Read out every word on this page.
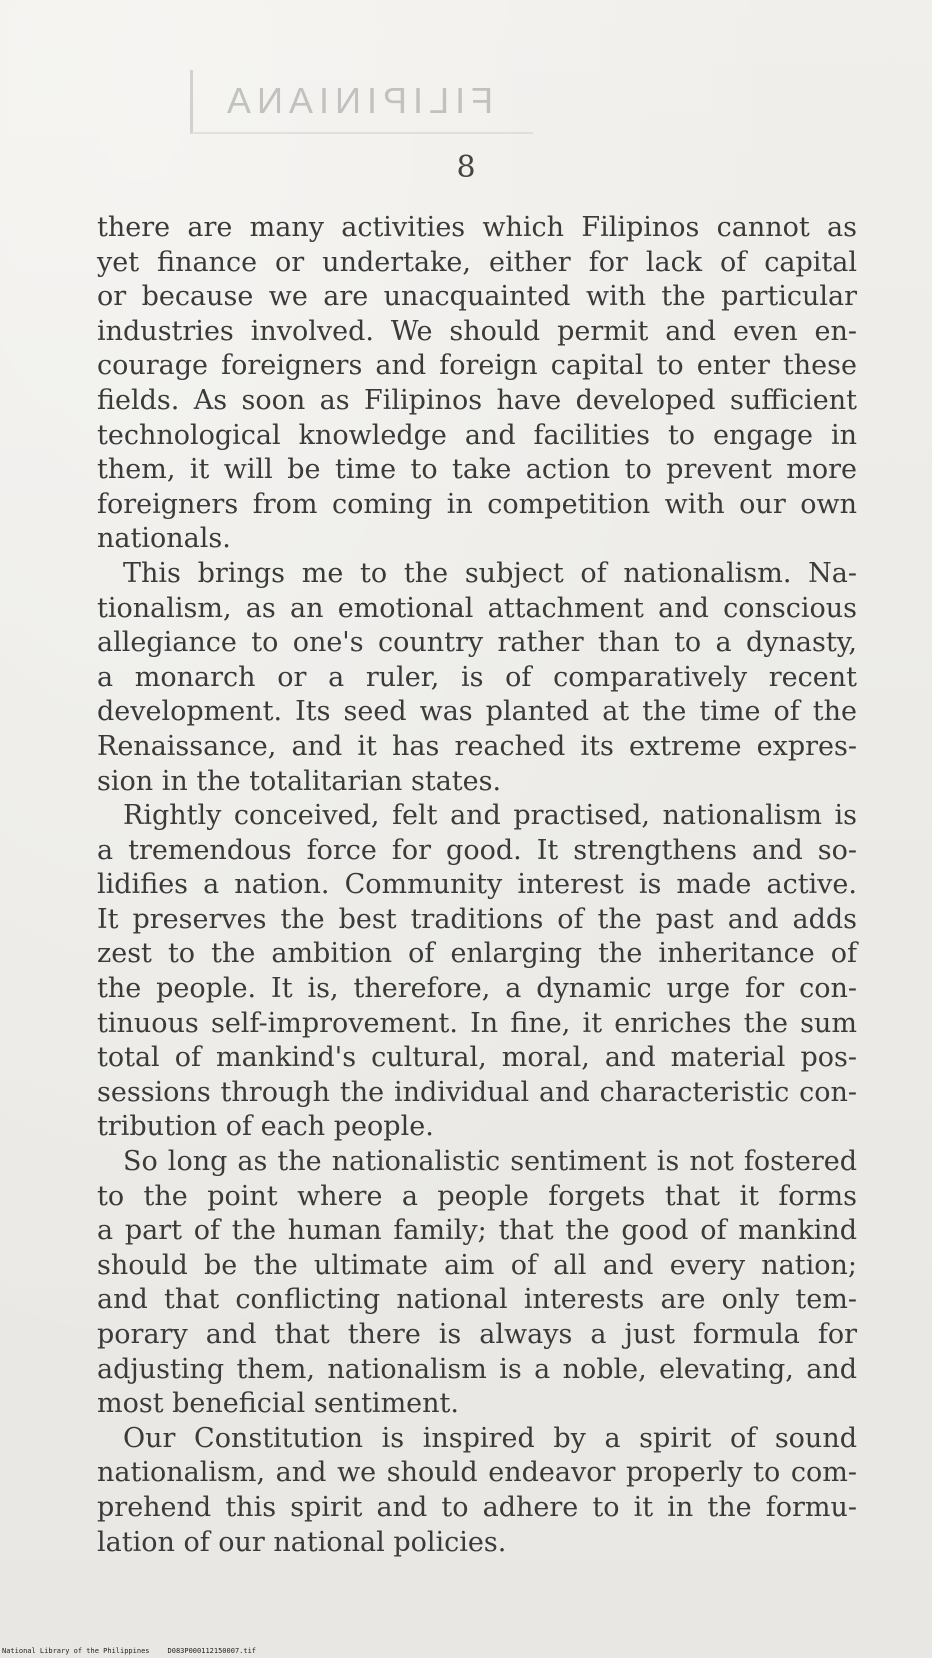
FILIPINIANA
8
there are many activities which Filipinos cannot as
yet finance or undertake, either for lack of capital
or because we are unacquainted with the particular
industries involved. We should permit and even en-
courage foreigners and foreign capital to enter these
fields. As soon as Filipinos have developed sufficient
technological knowledge and facilities to engage in
them, it will be time to take action to prevent more
foreigners from coming in competition with our own
nationals.
This brings me to the subject of nationalism. Na-
tionalism, as an emotional attachment and conscious
allegiance to one's country rather than to a dynasty,
a monarch or a ruler, is of comparatively recent
development. Its seed was planted at the time of the
Renaissance, and it has reached its extreme expres-
sion in the totalitarian states.
Rightly conceived, felt and practised, nationalism is
a tremendous force for good. It strengthens and so-
lidifies a nation. Community interest is made active.
It preserves the best traditions of the past and adds
zest to the ambition of enlarging the inheritance of
the people. It is, therefore, a dynamic urge for con-
tinuous self-improvement. In fine, it enriches the sum
total of mankind's cultural, moral, and material pos-
sessions through the individual and characteristic con-
tribution of each people.
So long as the nationalistic sentiment is not fostered
to the point where a people forgets that it forms
a part of the human family; that the good of mankind
should be the ultimate aim of all and every nation;
and that conflicting national interests are only tem-
porary and that there is always a just formula for
adjusting them, nationalism is a noble, elevating, and
most beneficial sentiment.
Our Constitution is inspired by a spirit of sound
nationalism, and we should endeavor properly to com-
prehend this spirit and to adhere to it in the formu-
lation of our national policies.
National Library of the Philippines	D083P000112150007.tif
